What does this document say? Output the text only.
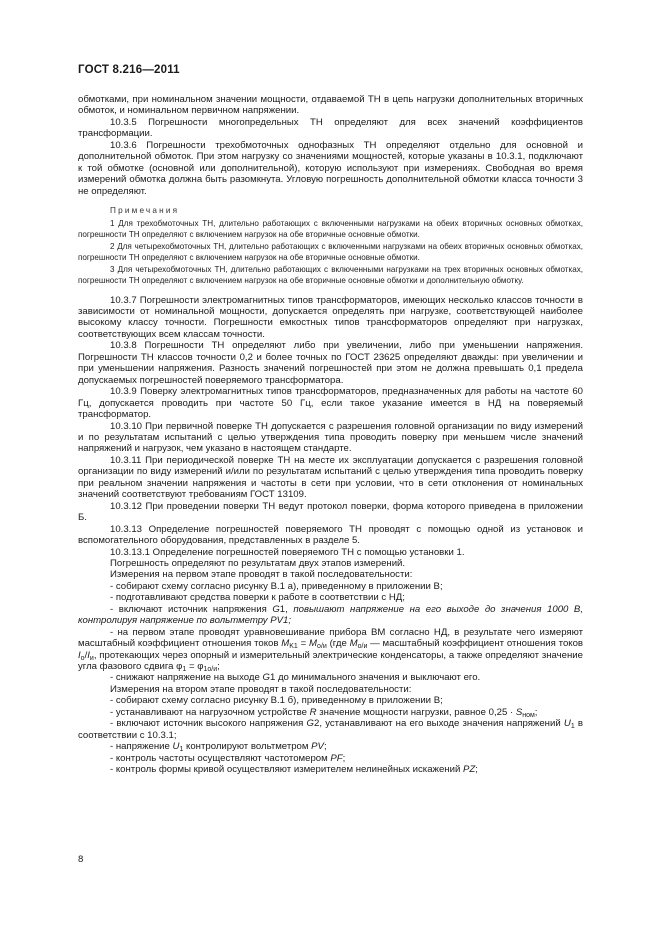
ГОСТ 8.216—2011

обмотками, при номинальном значении мощности, отдаваемой ТН в цепь нагрузки дополнительных вторичных обмоток, и номинальном первичном напряжении.

10.3.5 Погрешности многопредельных ТН определяют для всех значений коэффициентов трансформации.

10.3.6 Погрешности трехобмоточных однофазных ТН определяют отдельно для основной и дополнительной обмоток. При этом нагрузку со значениями мощностей, которые указаны в 10.3.1, подключают к той обмотке (основной или дополнительной), которую используют при измерениях. Свободная во время измерений обмотка должна быть разомкнута. Угловую погрешность дополнительной обмотки класса точности 3 не определяют.

Примечания

1 Для трехобмоточных ТН, длительно работающих с включенными нагрузками на обеих вторичных основных обмотках, погрешности ТН определяют с включением нагрузок на обе вторичные основные обмотки.

2 Для четырехобмоточных ТН, длительно работающих с включенными нагрузками на обеих вторичных основных обмотках, погрешности ТН определяют с включением нагрузок на обе вторичные основные обмотки.

3 Для четырехобмоточных ТН, длительно работающих с включенными нагрузками на трех вторичных основных обмотках, погрешности ТН определяют с включением нагрузок на обе вторичные основные обмотки и дополнительную обмотку.

10.3.7 Погрешности электромагнитных типов трансформаторов, имеющих несколько классов точности в зависимости от номинальной мощности, допускается определять при нагрузке, соответствующей наиболее высокому классу точности. Погрешности емкостных типов трансформаторов определяют при нагрузках, соответствующих всем классам точности.

10.3.8 Погрешности ТН определяют либо при увеличении, либо при уменьшении напряжения. Погрешности ТН классов точности 0,2 и более точных по ГОСТ 23625 определяют дважды: при увеличении и при уменьшении напряжения. Разность значений погрешностей при этом не должна превышать 0,1 предела допускаемых погрешностей поверяемого трансформатора.

10.3.9 Поверку электромагнитных типов трансформаторов, предназначенных для работы на частоте 60 Гц, допускается проводить при частоте 50 Гц, если такое указание имеется в НД на поверяемый трансформатор.

10.3.10 При первичной поверке ТН допускается с разрешения головной организации по виду измерений и по результатам испытаний с целью утверждения типа проводить поверку при меньшем числе значений напряжений и нагрузок, чем указано в настоящем стандарте.

10.3.11 При периодической поверке ТН на месте их эксплуатации допускается с разрешения головной организации по виду измерений и/или по результатам испытаний с целью утверждения типа проводить поверку при реальном значении напряжения и частоты в сети при условии, что в сети отклонения от номинальных значений соответствуют требованиям ГОСТ 13109.

10.3.12 При проведении поверки ТН ведут протокол поверки, форма которого приведена в приложении Б.

10.3.13 Определение погрешностей поверяемого ТН проводят с помощью одной из установок и вспомогательного оборудования, представленных в разделе 5.

10.3.13.1 Определение погрешностей поверяемого ТН с помощью установки 1.

Погрешность определяют по результатам двух этапов измерений.

Измерения на первом этапе проводят в такой последовательности:

- собирают схему согласно рисунку В.1 а), приведенному в приложении В;

- подготавливают средства поверки к работе в соответствии с НД;

- включают источник напряжения G1, повышают напряжение на его выходе до значения 1000 В, контролируя напряжение по вольтметру PV1;

- на первом этапе проводят уравновешивание прибора ВМ согласно НД, в результате чего измеряют масштабный коэффициент отношения токов $M_{K1} = M_{о/и}$ (где $M_{о/и}$ — масштабный коэффициент отношения токов $I_о/I_и$, протекающих через опорный и измерительный электрические конденсаторы, а также определяют значение угла фазового сдвига $\varphi_1 = \varphi_{1о/и}$;

- снижают напряжение на выходе G1 до минимального значения и выключают его.

Измерения на втором этапе проводят в такой последовательности:

- собирают схему согласно рисунку В.1 б), приведенному в приложении В;

- устанавливают на нагрузочном устройстве R значение мощности нагрузки, равное $0,25 \cdot S_{ном}$;

- включают источник высокого напряжения G2, устанавливают на его выходе значения напряжений $U_1$ в соответствии с 10.3.1;

- напряжение $U_1$ контролируют вольтметром PV;

- контроль частоты осуществляют частотомером PF;

- контроль формы кривой осуществляют измерителем нелинейных искажений PZ;

8
